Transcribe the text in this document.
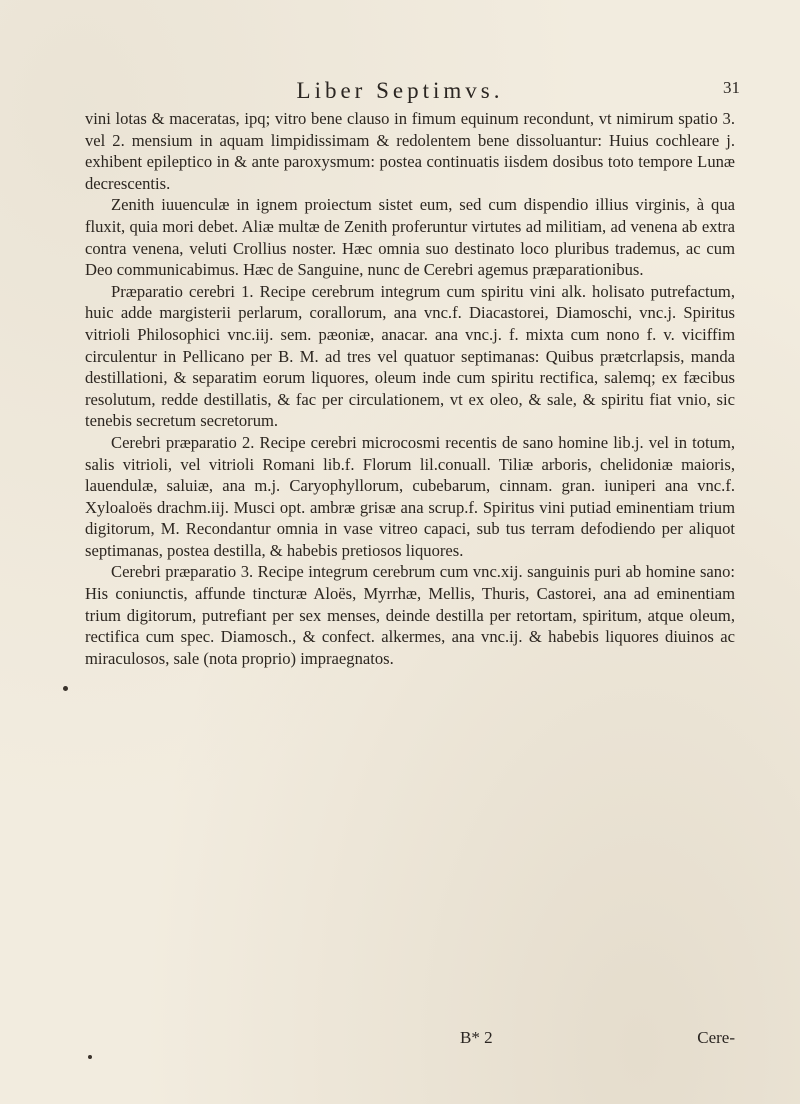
Liber Septimvs.	31

vini lotas & maceratas, ipq; vitro bene clauso in fimum equinum recondunt, vt nimirum spatio 3. vel 2. mensium in aquam limpidissimam & redolentem bene dissoluantur: Huius cochleare j. exhibent epileptico in & ante paroxysmum: postea continuatis iisdem dosibus toto tempore Lunæ decrescentis.

Zenith iuuenculæ in ignem proiectum sistet eum, sed cum dispendio illius virginis, à qua fluxit, quia mori debet. Aliæ multæ de Zenith proferuntur virtutes ad militiam, ad venena ab extra contra venena, veluti Crollius noster. Hæc omnia suo destinato loco pluribus trademus, ac cum Deo communicabimus. Hæc de Sanguine, nunc de Cerebri agemus præparationibus.

Præparatio cerebri 1. Recipe cerebrum integrum cum spiritu vini alk. holisato putrefactum, huic adde margisterii perlarum, corallorum, ana vnc.f. Diacastorei, Diamoschi, vnc.j. Spiritus vitrioli Philosophici vnc.iij. sem. pæoniæ, anacar. ana vnc.j. f. mixta cum nono f. v. viciffim circulentur in Pellicano per B. M. ad tres vel quatuor septimanas: Quibus prætcrlapsis, manda destillationi, & separatim eorum liquores, oleum inde cum spiritu rectifica, salemq; ex fæcibus resolutum, redde destillatis, & fac per circulationem, vt ex oleo, & sale, & spiritu fiat vnio, sic tenebis secretum secretorum.

Cerebri præparatio 2. Recipe cerebri microcosmi recentis de sano homine lib.j. vel in totum, salis vitrioli, vel vitrioli Romani lib.f. Florum lil.conuall. Tiliæ arboris, chelidoniæ maioris, lauendulæ, saluiæ, ana m.j. Caryophyllorum, cubebarum, cinnam. gran. iuniperi ana vnc.f. Xyloaloës drachm.iij. Musci opt. ambræ grisæ ana scrup.f. Spiritus vini putiad eminentiam trium digitorum, M. Recondantur omnia in vase vitreo capaci, sub tus terram defodiendo per aliquot septimanas, postea destilla, & habebis pretiosos liquores.

Cerebri præparatio 3. Recipe integrum cerebrum cum vnc.xij. sanguinis puri ab homine sano: His coniunctis, affunde tincturæ Aloës, Myrrhæ, Mellis, Thuris, Castorei, ana ad eminentiam trium digitorum, putrefiant per sex menses, deinde destilla per retortam, spiritum, atque oleum, rectifica cum spec. Diamosch., & confect. alkermes, ana vnc.ij. & habebis liquores diuinos ac miraculosos, sale (nota proprio) impraegnatos.

B* 2	Cere-
